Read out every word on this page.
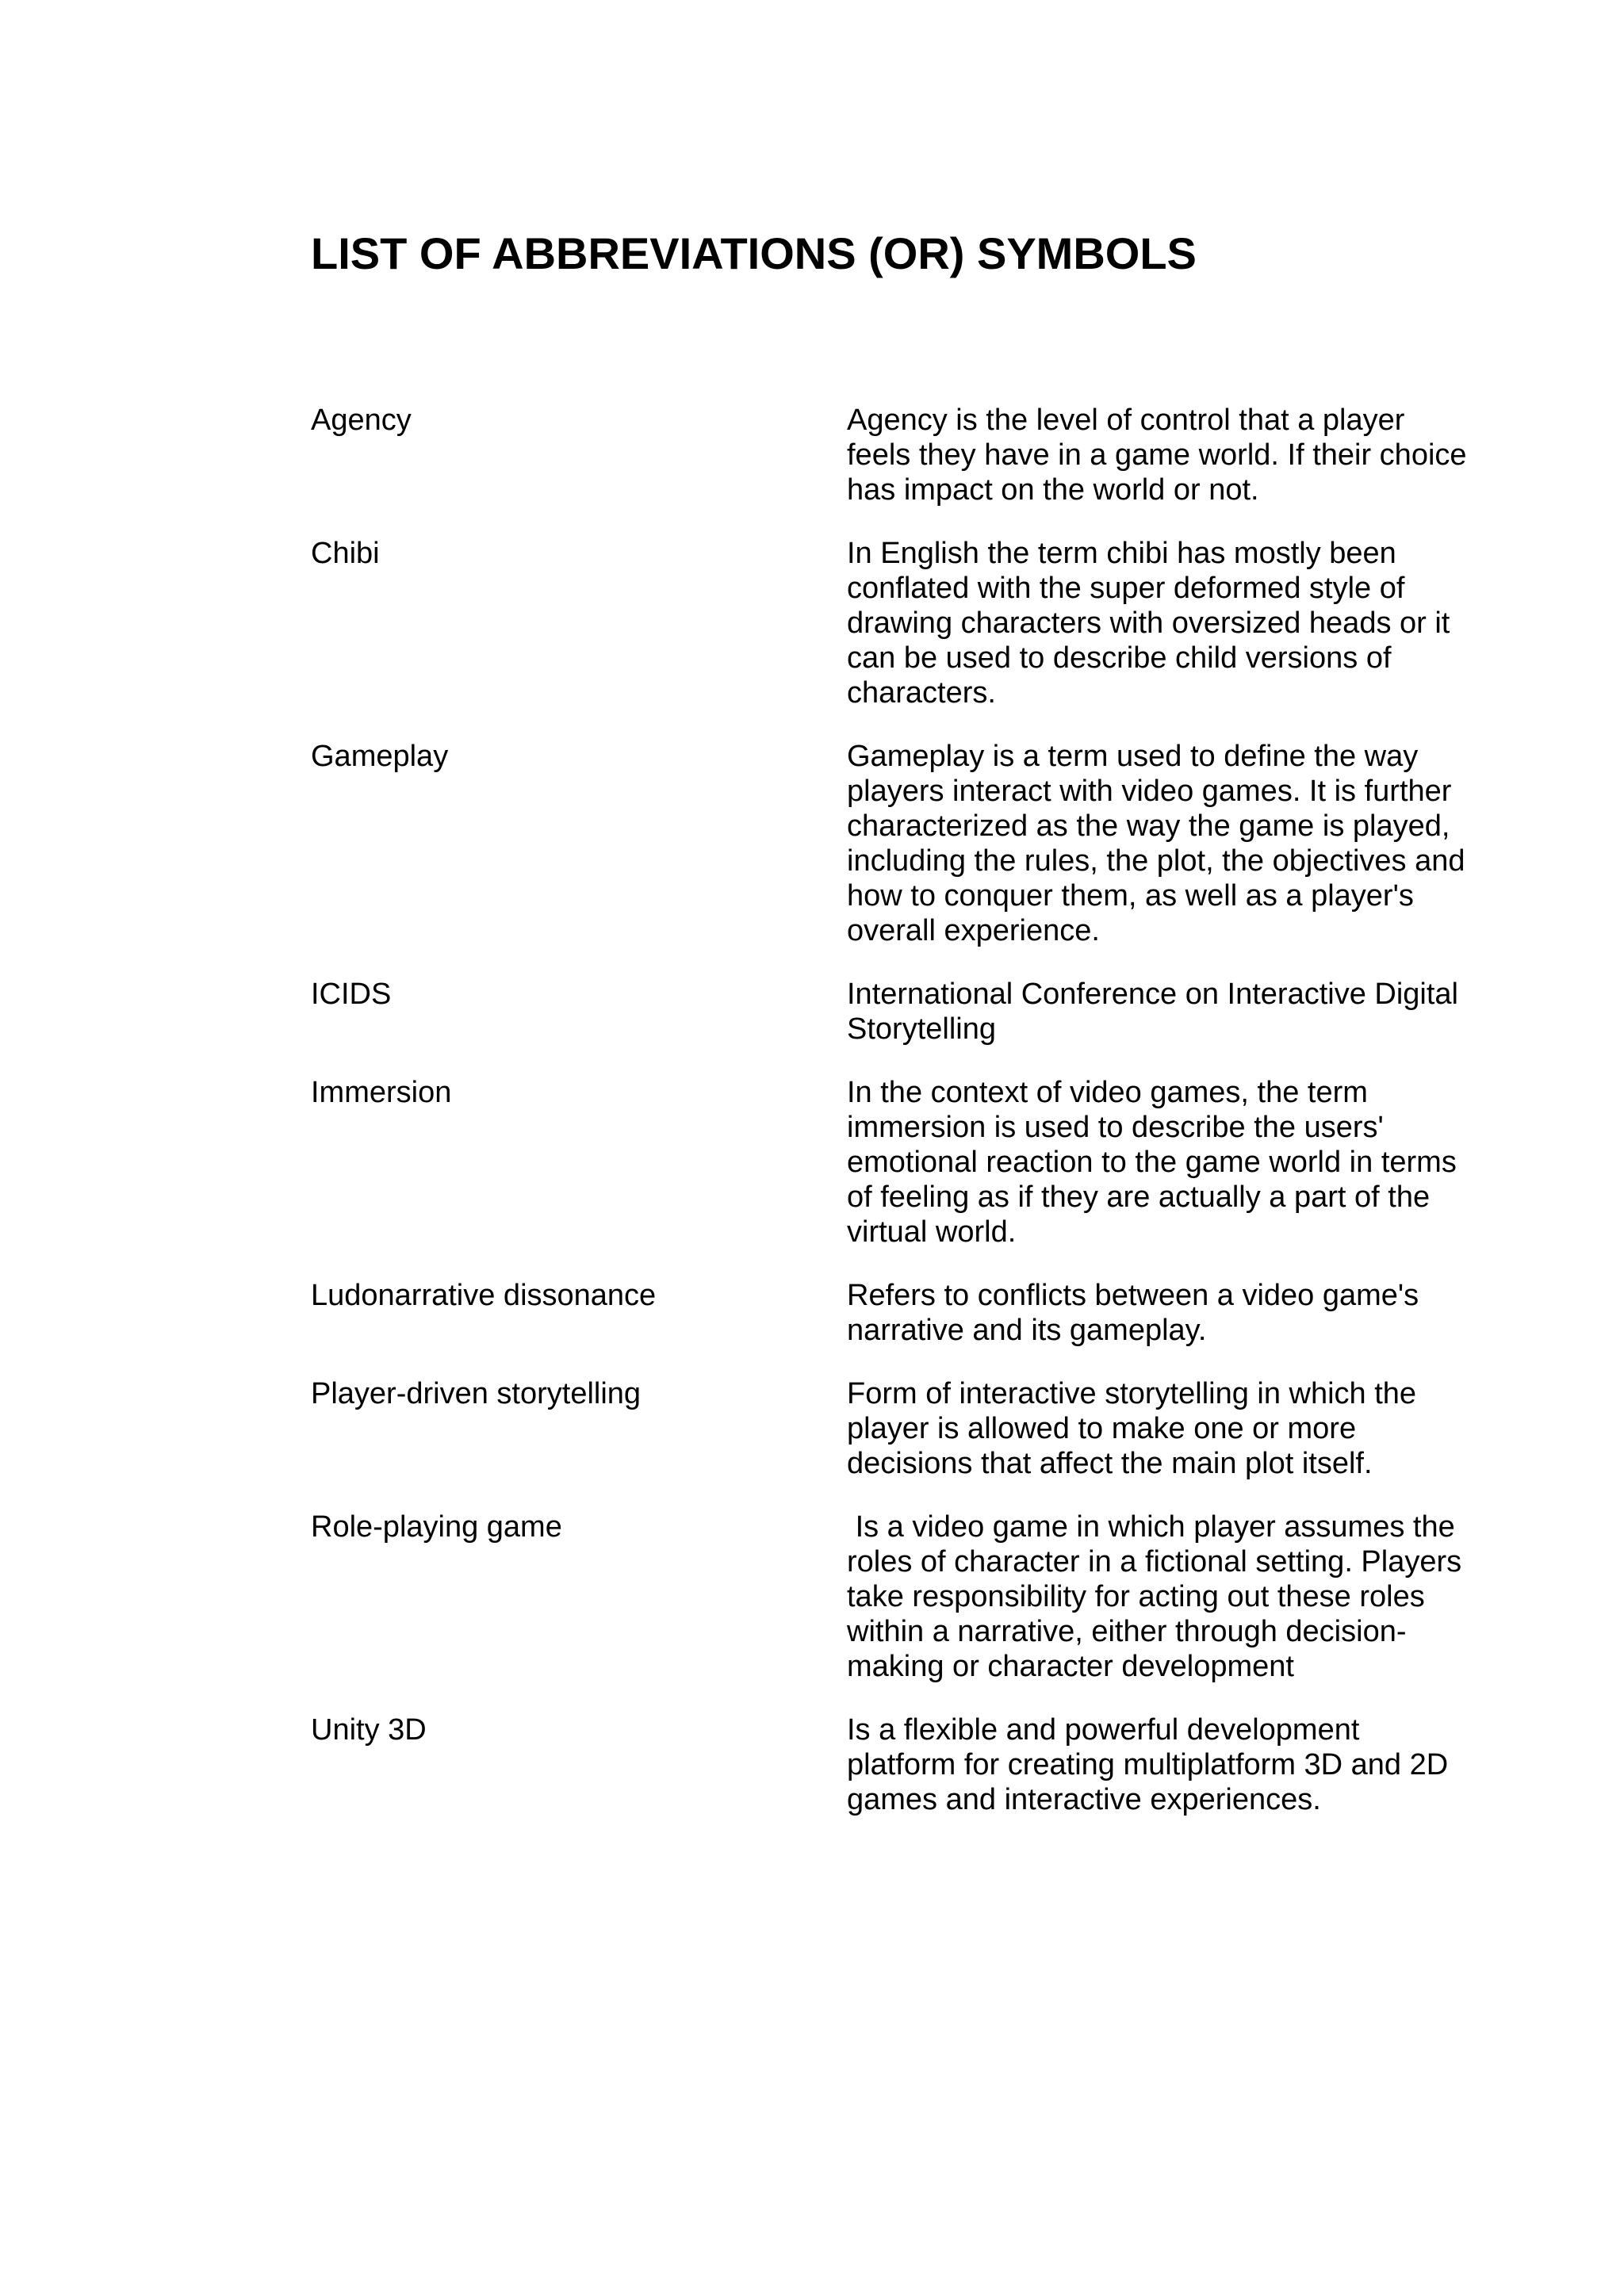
LIST OF ABBREVIATIONS (OR) SYMBOLS
Agency	Agency is the level of control that a player feels they have in a game world. If their choice has impact on the world or not.
Chibi	In English the term chibi has mostly been conflated with the super deformed style of drawing characters with oversized heads or it can be used to describe child versions of characters.
Gameplay	Gameplay is a term used to define the way players interact with video games. It is further characterized as the way the game is played, including the rules, the plot, the objectives and how to conquer them, as well as a player's overall experience.
ICIDS	International Conference on Interactive Digital Storytelling
Immersion	In the context of video games, the term immersion is used to describe the users' emotional reaction to the game world in terms of feeling as if they are actually a part of the virtual world.
Ludonarrative dissonance	Refers to conflicts between a video game's narrative and its gameplay.
Player-driven storytelling	Form of interactive storytelling in which the player is allowed to make one or more decisions that affect the main plot itself.
Role-playing game	Is a video game in which player assumes the roles of character in a fictional setting. Players take responsibility for acting out these roles within a narrative, either through decision-making or character development
Unity 3D	Is a flexible and powerful development platform for creating multiplatform 3D and 2D games and interactive experiences.
